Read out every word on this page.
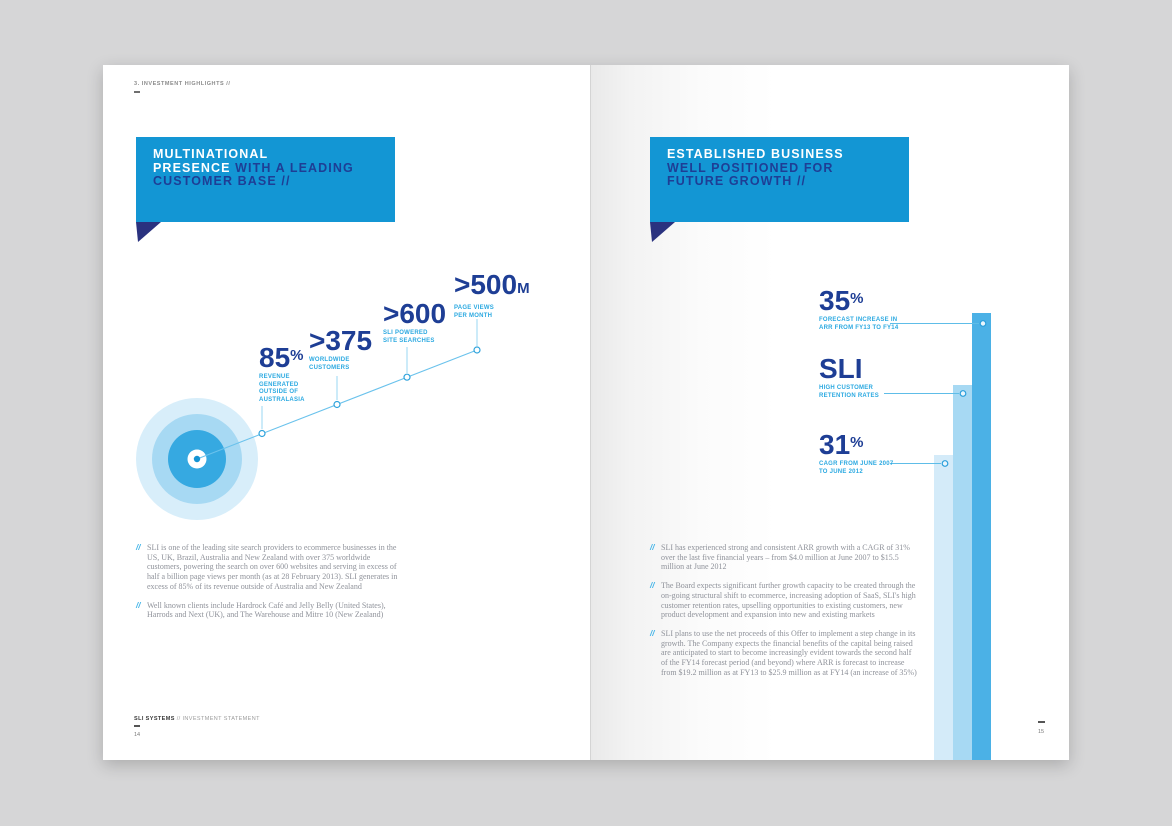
3. INVESTMENT HIGHLIGHTS //
MULTINATIONAL
PRESENCE WITH A LEADING
CUSTOMER BASE //
85%
REVENUE
GENERATED
OUTSIDE OF
AUSTRALASIA
>375
WORLDWIDE
CUSTOMERS
>600
SLI POWERED
SITE SEARCHES
>500M
PAGE VIEWS
PER MONTH
// SLI is one of the leading site search providers to ecommerce businesses in the US, UK, Brazil, Australia and New Zealand with over 375 worldwide customers, powering the search on over 600 websites and serving in excess of half a billion page views per month (as at 28 February 2013). SLI generates in excess of 85% of its revenue outside of Australia and New Zealand
// Well known clients include Hardrock Café and Jelly Belly (United States), Harrods and Next (UK), and The Warehouse and Mitre 10 (New Zealand)
SLI SYSTEMS // INVESTMENT STATEMENT
14
ESTABLISHED BUSINESS
WELL POSITIONED FOR
FUTURE GROWTH //
35%
FORECAST INCREASE IN
ARR FROM FY13 TO FY14
SLI
HIGH CUSTOMER
RETENTION RATES
31%
CAGR FROM JUNE 2007
TO JUNE 2012
// SLI has experienced strong and consistent ARR growth with a CAGR of 31% over the last five financial years – from $4.0 million at June 2007 to $15.5 million at June 2012
// The Board expects significant further growth capacity to be created through the on-going structural shift to ecommerce, increasing adoption of SaaS, SLI's high customer retention rates, upselling opportunities to existing customers, new product development and expansion into new and existing markets
// SLI plans to use the net proceeds of this Offer to implement a step change in its growth. The Company expects the financial benefits of the capital being raised are anticipated to start to become increasingly evident towards the second half of the FY14 forecast period (and beyond) where ARR is forecast to increase from $19.2 million as at FY13 to $25.9 million as at FY14 (an increase of 35%)
15
